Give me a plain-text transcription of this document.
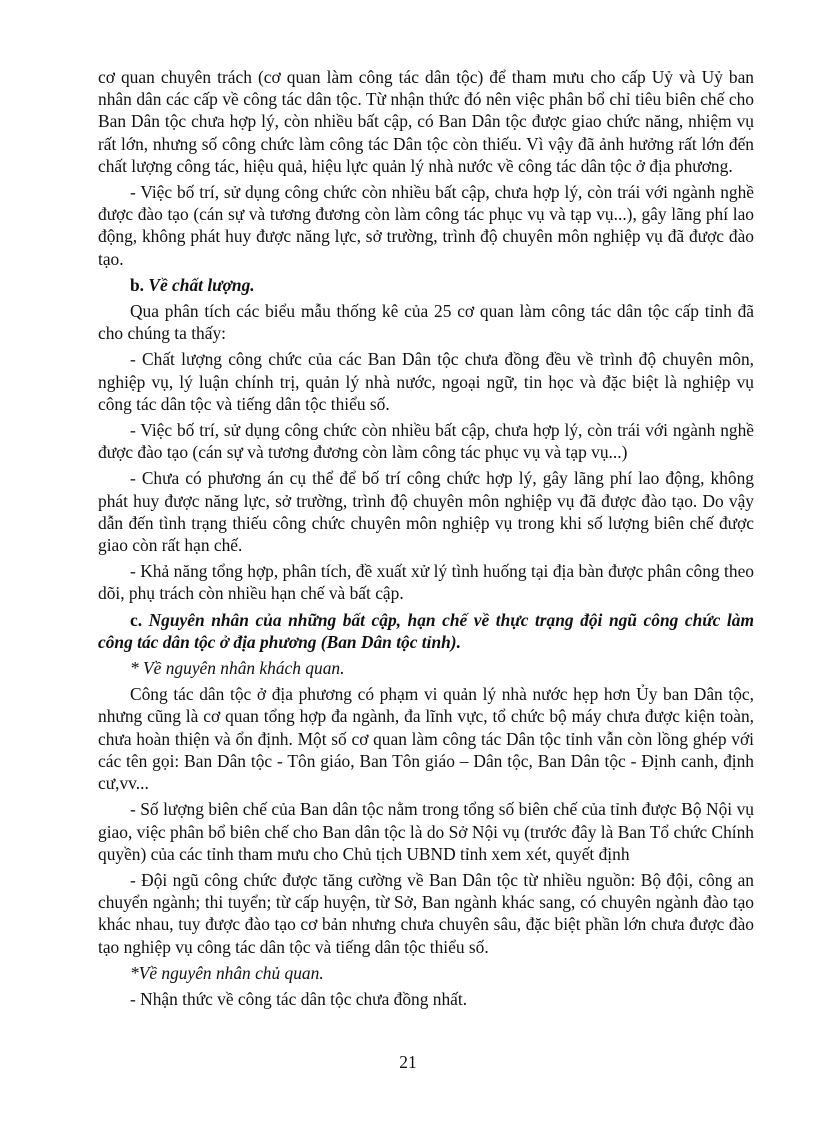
cơ quan chuyên trách (cơ quan làm công tác dân tộc) để tham mưu cho cấp Uỷ và Uỷ ban nhân dân các cấp về công tác dân tộc. Từ nhận thức đó nên việc phân bổ chỉ tiêu biên chế cho Ban Dân tộc chưa hợp lý, còn nhiều bất cập, có Ban Dân tộc được giao chức năng, nhiệm vụ rất lớn, nhưng số công chức làm công tác Dân tộc còn thiếu. Vì vậy đã ảnh hưởng rất lớn đến chất lượng công tác, hiệu quả, hiệu lực quản lý nhà nước về công tác dân tộc ở địa phương.

- Việc bố trí, sử dụng công chức còn nhiều bất cập, chưa hợp lý, còn trái với ngành nghề được đào tạo (cán sự và tương đương còn làm công tác phục vụ và tạp vụ...), gây lãng phí lao động, không phát huy được năng lực, sở trường, trình độ chuyên môn nghiệp vụ đã được đào tạo.

b. Về chất lượng.

Qua phân tích các biểu mẫu thống kê của 25 cơ quan làm công tác dân tộc cấp tỉnh đã cho chúng ta thấy:

- Chất lượng công chức của các Ban Dân tộc chưa đồng đều về trình độ chuyên môn, nghiệp vụ, lý luận chính trị, quản lý nhà nước, ngoại ngữ, tin học và đặc biệt là nghiệp vụ công tác dân tộc và tiếng dân tộc thiểu số.

- Việc bố trí, sử dụng công chức còn nhiều bất cập, chưa hợp lý, còn trái với ngành nghề được đào tạo (cán sự và tương đương còn làm công tác phục vụ và tạp vụ...)

- Chưa có phương án cụ thể để bố trí công chức hợp lý, gây lãng phí lao động, không phát huy được năng lực, sở trường, trình độ chuyên môn nghiệp vụ đã được đào tạo. Do vậy dẫn đến tình trạng thiếu công chức chuyên môn nghiệp vụ trong khi số lượng biên chế được giao còn rất hạn chế.

- Khả năng tổng hợp, phân tích, đề xuất xử lý tình huống tại địa bàn được phân công theo dõi, phụ trách còn nhiều hạn chế và bất cập.

c. Nguyên nhân của những bất cập, hạn chế về thực trạng đội ngũ công chức làm công tác dân tộc ở địa phương (Ban Dân tộc tỉnh).

* Về nguyên nhân khách quan.

Công tác dân tộc ở địa phương có phạm vi quản lý nhà nước hẹp hơn Ủy ban Dân tộc, nhưng cũng là cơ quan tổng hợp đa ngành, đa lĩnh vực, tổ chức bộ máy chưa được kiện toàn, chưa hoàn thiện và ổn định. Một số cơ quan làm công tác Dân tộc tỉnh vẫn còn lồng ghép với các tên gọi: Ban Dân tộc - Tôn giáo, Ban Tôn giáo – Dân tộc, Ban Dân tộc - Định canh, định cư,vv...

- Số lượng biên chế của Ban dân tộc nằm trong tổng số biên chế của tỉnh được Bộ Nội vụ giao, việc phân bổ biên chế cho Ban dân tộc là do Sở Nội vụ (trước đây là Ban Tổ chức Chính quyền) của các tỉnh tham mưu cho Chủ tịch UBND tỉnh xem xét, quyết định

- Đội ngũ công chức được tăng cường về Ban Dân tộc từ nhiều nguồn: Bộ đội, công an chuyển ngành; thi tuyển; từ cấp huyện, từ Sở, Ban ngành khác sang, có chuyên ngành đào tạo khác nhau, tuy được đào tạo cơ bản nhưng chưa chuyên sâu, đặc biệt phần lớn chưa được đào tạo nghiệp vụ công tác dân tộc và tiếng dân tộc thiểu số.

*Về nguyên nhân chủ quan.

- Nhận thức về công tác dân tộc chưa đồng nhất.

21
